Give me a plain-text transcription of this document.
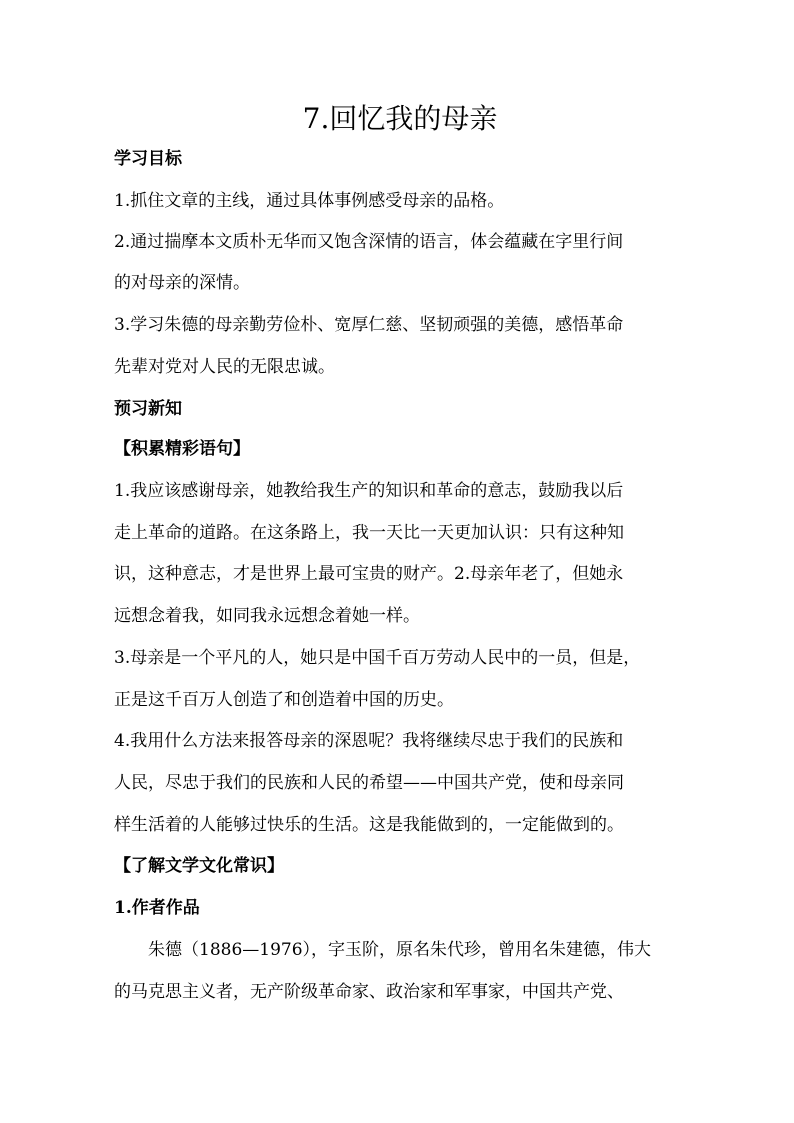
7.回忆我的母亲

学习目标

1.抓住文章的主线，通过具体事例感受母亲的品格。

2.通过揣摩本文质朴无华而又饱含深情的语言，体会蕴藏在字里行间

的对母亲的深情。

3.学习朱德的母亲勤劳俭朴、宽厚仁慈、坚韧顽强的美德，感悟革命

先辈对党对人民的无限忠诚。

预习新知

【积累精彩语句】

1.我应该感谢母亲，她教给我生产的知识和革命的意志，鼓励我以后

走上革命的道路。在这条路上，我一天比一天更加认识：只有这种知

识，这种意志，才是世界上最可宝贵的财产。2.母亲年老了，但她永

远想念着我，如同我永远想念着她一样。

3.母亲是一个平凡的人，她只是中国千百万劳动人民中的一员，但是，

正是这千百万人创造了和创造着中国的历史。

4.我用什么方法来报答母亲的深恩呢？我将继续尽忠于我们的民族和

人民，尽忠于我们的民族和人民的希望——中国共产党，使和母亲同

样生活着的人能够过快乐的生活。这是我能做到的，一定能做到的。

【了解文学文化常识】

1.作者作品

朱德（1886—1976），字玉阶，原名朱代珍，曾用名朱建德，伟大

的马克思主义者，无产阶级革命家、政治家和军事家，中国共产党、
